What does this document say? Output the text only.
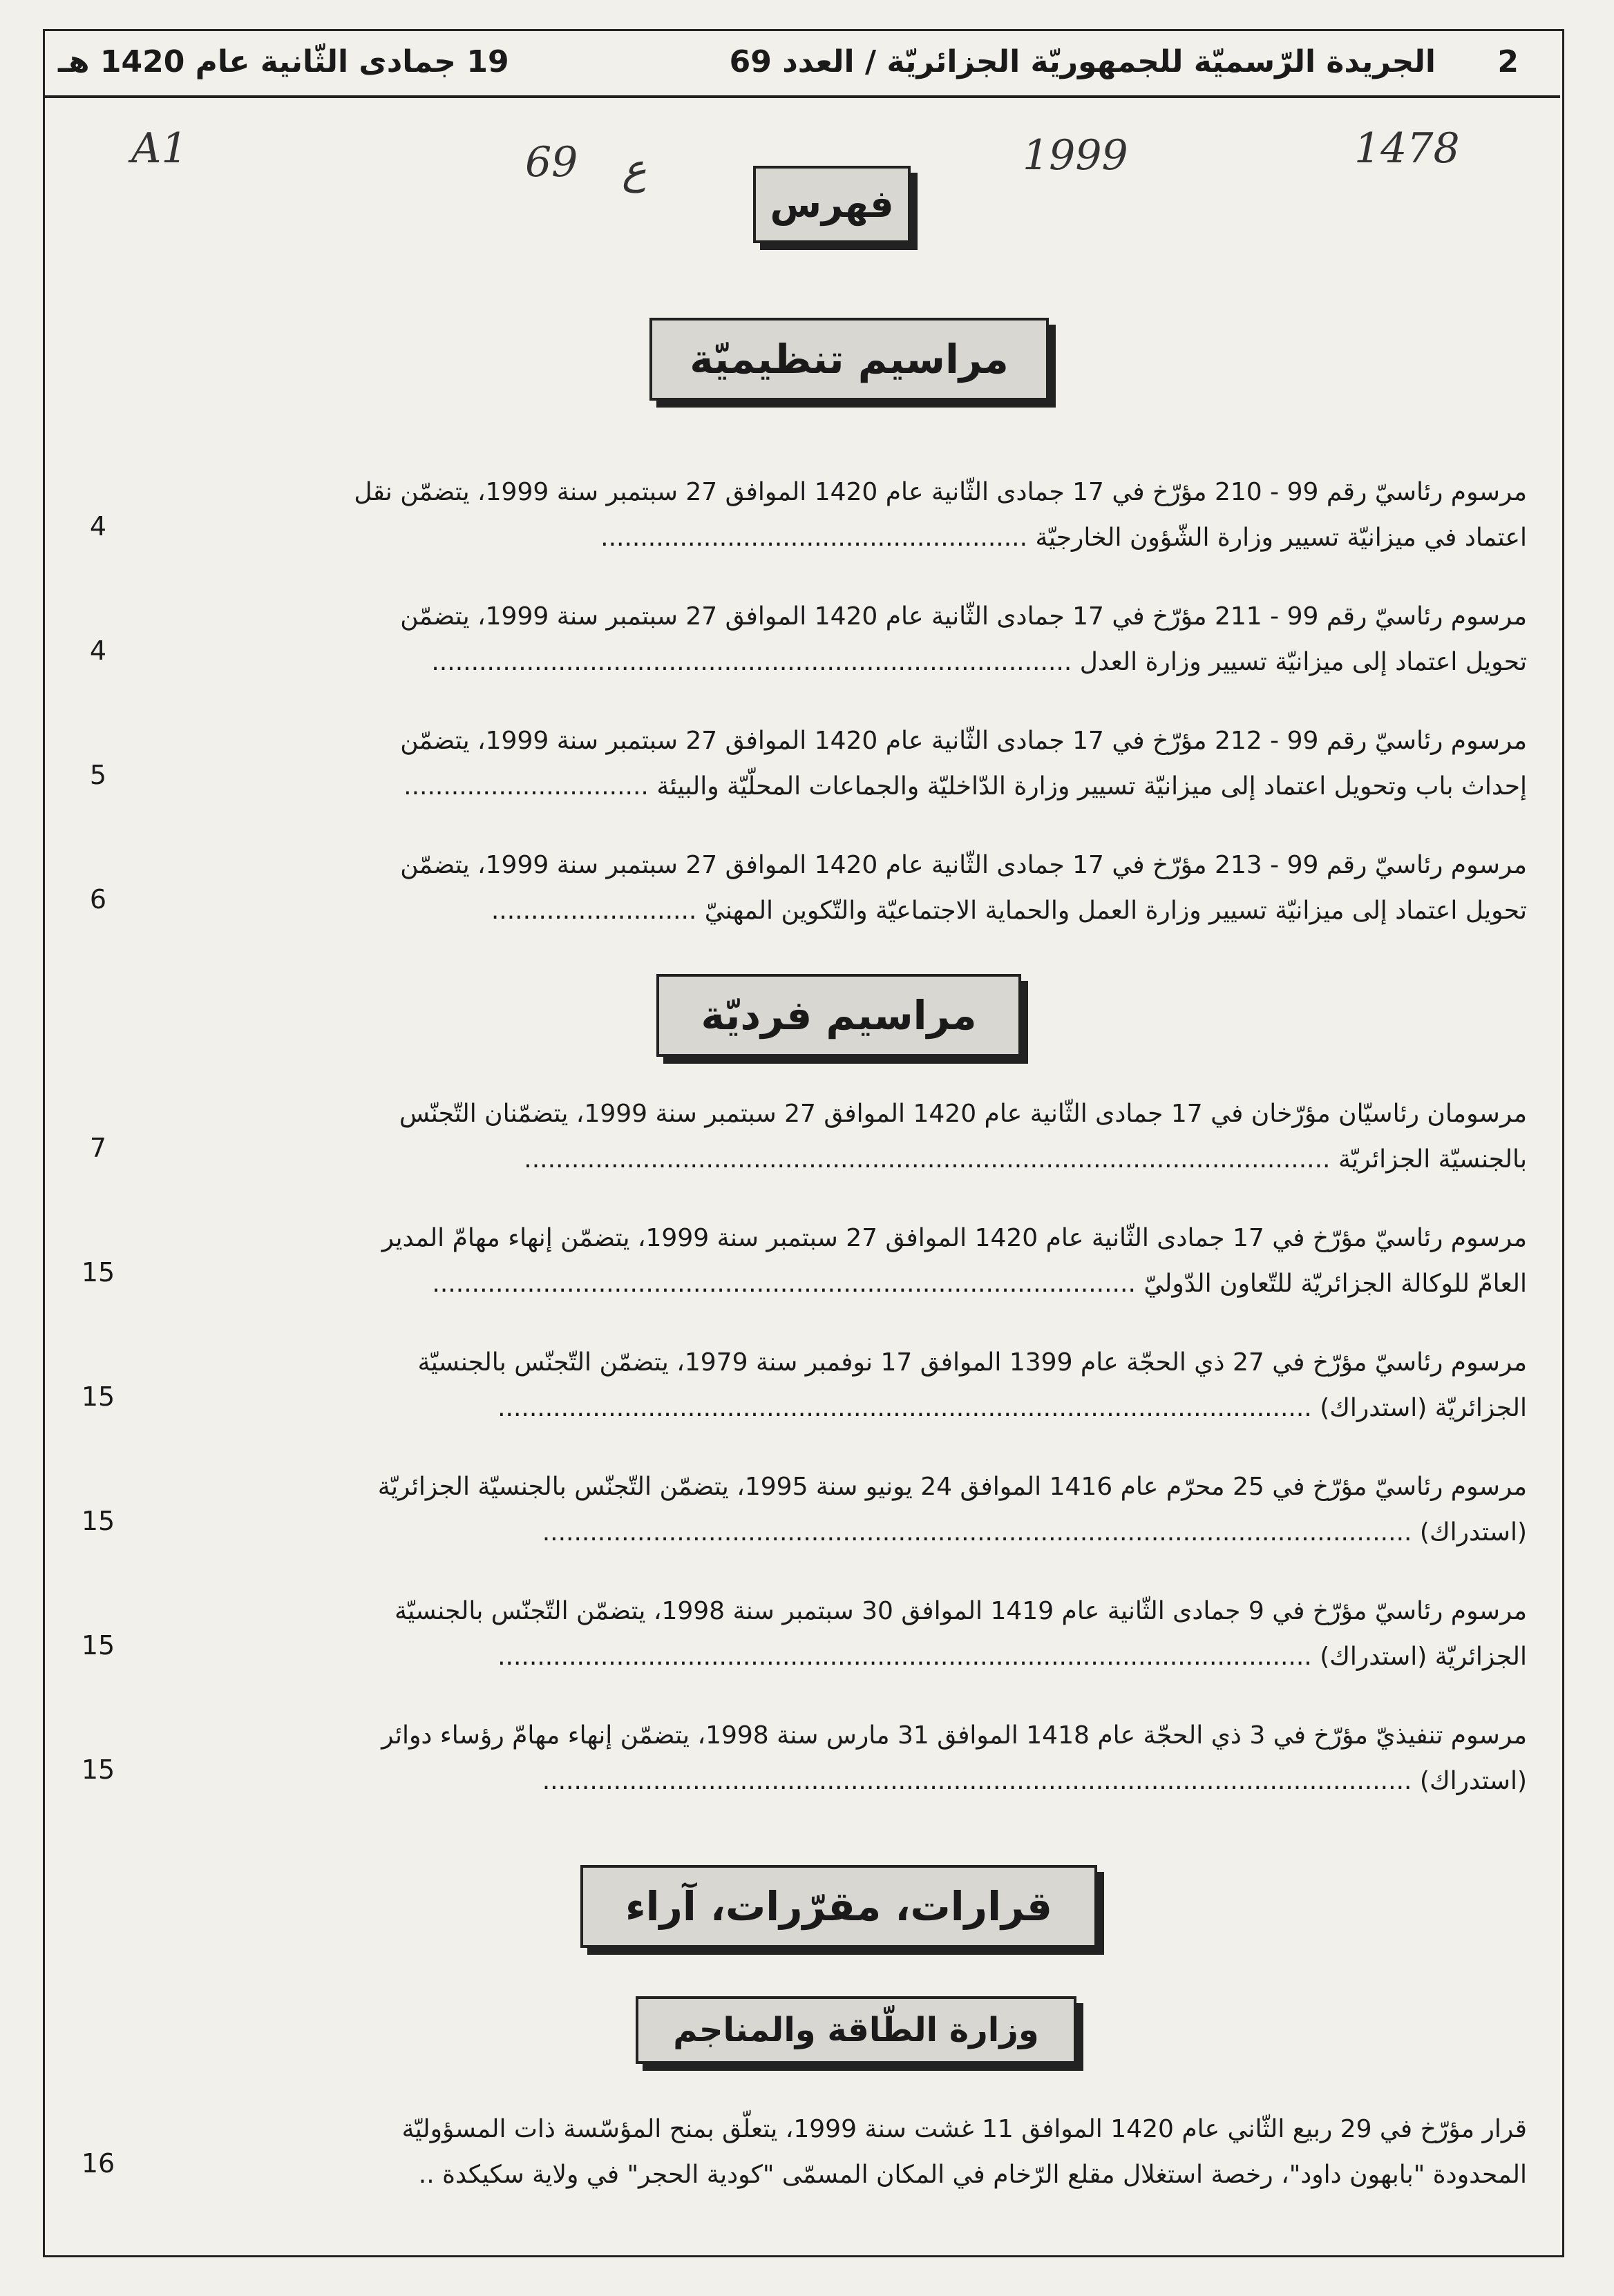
2
الجريدة الرّسميّة للجمهوريّة الجزائريّة / العدد 69
19 جمادى الثّانية عام 1420 هـ
A1	69 ع	1999	1478
فهرس
مراسيم تنظيميّة
مرسوم رئاسيّ رقم 99 - 210 مؤرّخ في 17 جمادى الثّانية عام 1420 الموافق 27 سبتمبر سنة 1999، يتضمّن نقل
اعتماد في ميزانيّة تسيير وزارة الشّؤون الخارجيّة ......................................................
4
مرسوم رئاسيّ رقم 99 - 211 مؤرّخ في 17 جمادى الثّانية عام 1420 الموافق 27 سبتمبر سنة 1999، يتضمّن
تحويل اعتماد إلى ميزانيّة تسيير وزارة العدل .................................................................................
4
مرسوم رئاسيّ رقم 99 - 212 مؤرّخ في 17 جمادى الثّانية عام 1420 الموافق 27 سبتمبر سنة 1999، يتضمّن
إحداث باب وتحويل اعتماد إلى ميزانيّة تسيير وزارة الدّاخليّة والجماعات المحلّيّة والبيئة ...............................
5
مرسوم رئاسيّ رقم 99 - 213 مؤرّخ في 17 جمادى الثّانية عام 1420 الموافق 27 سبتمبر سنة 1999، يتضمّن
تحويل اعتماد إلى ميزانيّة تسيير وزارة العمل والحماية الاجتماعيّة والتّكوين المهنيّ ..........................
6
مراسيم فرديّة
مرسومان رئاسيّان مؤرّخان في 17 جمادى الثّانية عام 1420 الموافق 27 سبتمبر سنة 1999، يتضمّنان التّجنّس
بالجنسيّة الجزائريّة ......................................................................................................
7
مرسوم رئاسيّ مؤرّخ في 17 جمادى الثّانية عام 1420 الموافق 27 سبتمبر سنة 1999، يتضمّن إنهاء مهامّ المدير
العامّ للوكالة الجزائريّة للتّعاون الدّوليّ .........................................................................................
15
مرسوم رئاسيّ مؤرّخ في 27 ذي الحجّة عام 1399 الموافق 17 نوفمبر سنة 1979، يتضمّن التّجنّس بالجنسيّة
الجزائريّة (استدراك) .......................................................................................................
15
مرسوم رئاسيّ مؤرّخ في 25 محرّم عام 1416 الموافق 24 يونيو سنة 1995، يتضمّن التّجنّس بالجنسيّة الجزائريّة
(استدراك) ..............................................................................................................
15
مرسوم رئاسيّ مؤرّخ في 9 جمادى الثّانية عام 1419 الموافق 30 سبتمبر سنة 1998، يتضمّن التّجنّس بالجنسيّة
الجزائريّة (استدراك) .......................................................................................................
15
مرسوم تنفيذيّ مؤرّخ في 3 ذي الحجّة عام 1418 الموافق 31 مارس سنة 1998، يتضمّن إنهاء مهامّ رؤساء دوائر
(استدراك) ..............................................................................................................
15
قرارات، مقرّرات، آراء
وزارة الطّاقة والمناجم
قرار مؤرّخ في 29 ربيع الثّاني عام 1420 الموافق 11 غشت سنة 1999، يتعلّق بمنح المؤسّسة ذات المسؤوليّة
المحدودة "بابهون داود"، رخصة استغلال مقلع الرّخام في المكان المسمّى "كودية الحجر" في ولاية سكيكدة ..
16
